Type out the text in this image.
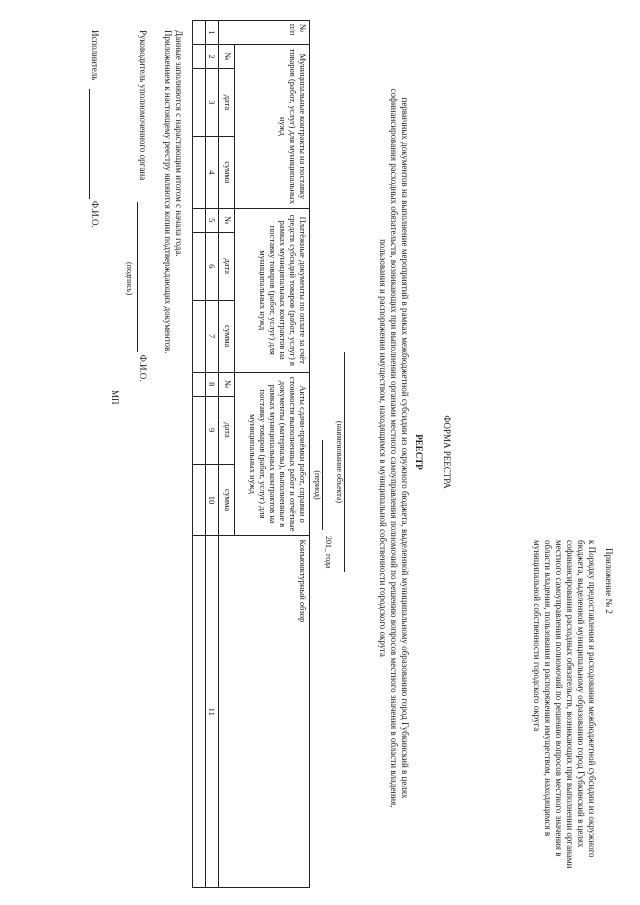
Приложение № 2
к Порядку предоставления и расходования межбюджетной субсидии из окружного бюджета, выделенной муниципальному образованию город Губкинский в целях софинансирования расходных обязательств, возникающих при выполнении органами местного самоуправления полномочий по решению вопросов местного значения в области владения, пользования и распоряжения имуществом, находящимся в муниципальной собственности городского округа
ФОРМА РЕЕСТРА
РЕЕСТР
первичных документов на выполнение мероприятий в рамках межбюджетной субсидии из окружного бюджета, выделенной муниципальному образованию город Губкинский в целях софинансирования расходных обязательств, возникающих при выполнении органами местного самоуправления полномочий по решению вопросов местного значения в области владения, пользования и распоряжения имуществом, находящимся в муниципальной собственности городского округа
(наименование объекта)
201_ года
(период)
№ п/п	Муниципальные контракты на поставку товаров (работ, услуг) для муниципальных нужд			Платёжные документы по оплате за счёт средств субсидий товаров (работ, услуг) в рамках муниципальных контрактов на поставку товаров (работ, услуг) для муниципальных нужд			Акты сдачи-приёмки работ, справки о стоимости выполненных работ и отчётные документы (материалы), выполненные в рамках муниципальных контрактов на поставку товаров (работ, услуг) для муниципальных нужд			Конъюнктурный обзор
	№	дата	сумма	№	дата	сумма	№	дата	сумма	
1	2	3	4	5	6	7	8	9	10	11

Данные заполняются с нарастающим итогом с начала года.
Приложением к настоящему реестру являются копии подтверждающих документов.
Руководитель уполномоченного органа  Ф.И.О.
(подпись)
МП
Исполнитель  Ф.И.О.
